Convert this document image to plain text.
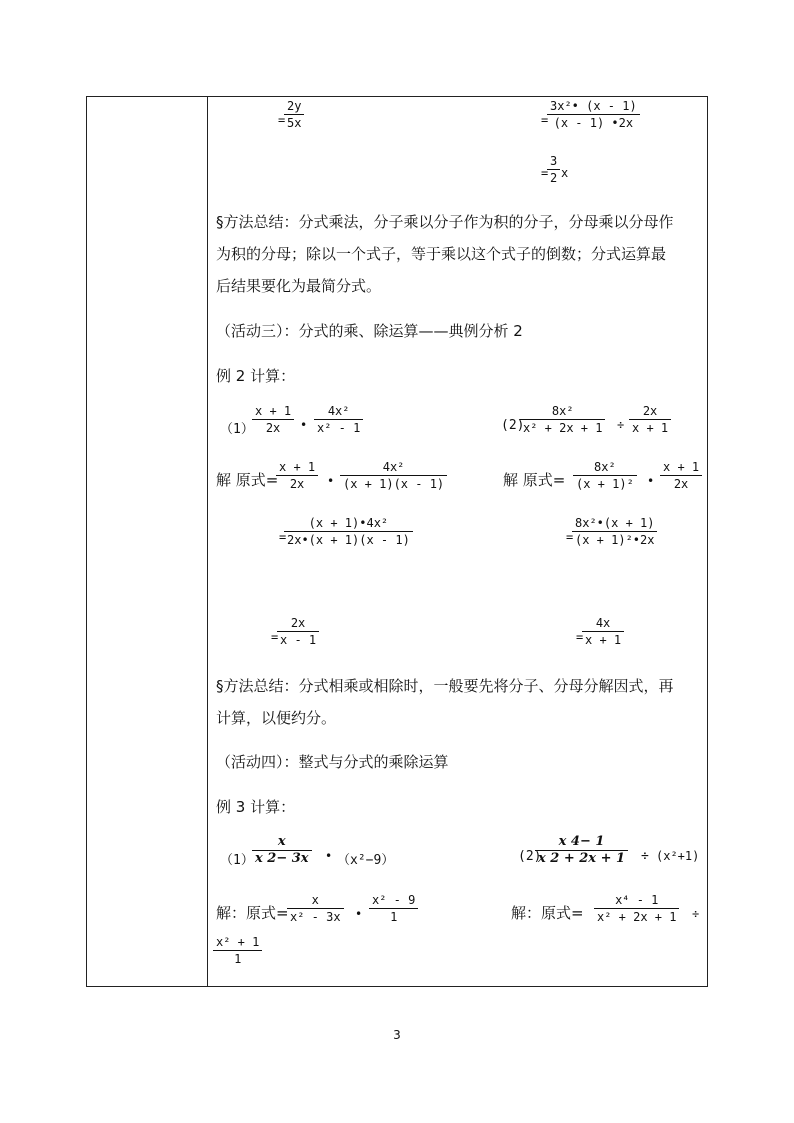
=
2y
5x	=
3x²• (x - 1)
(x - 1) •2x
=
3
2 x
§方法总结：分式乘法，分子乘以分子作为积的分子，分母乘以分母作
为积的分母；除以一个式子，等于乘以这个式子的倒数；分式运算最
后结果要化为最简分式。
（活动三）：分式的乘、除运算——典例分析 2
例 2 计算：
（1）
x + 1
2x •
4x²
x² - 1	(2)
8x²
x² + 2x + 1 ÷
2x
x + 1
解 原式=
x + 1
2x •
4x²
(x + 1)(x - 1)	解 原式=
8x²
(x + 1)² •
x + 1
2x
=
(x + 1)•4x²
2x•(x + 1)(x - 1)	=
8x²•(x + 1)
(x + 1)²•2x
=
2x
x - 1	=
4x
x + 1
§方法总结：分式相乘或相除时，一般要先将分子、分母分解因式，再
计算，以便约分。
（活动四）：整式与分式的乘除运算
例 3 计算：
（1）
x
x 2− 3x • （x²−9）	(2)
x 4− 1
x 2 + 2x + 1 ÷ (x²+1)
解：原式=
x
x² - 3x •
x² - 9
1	解：原式=
x⁴ - 1
x² + 2x + 1 ÷
x² + 1
1
3
